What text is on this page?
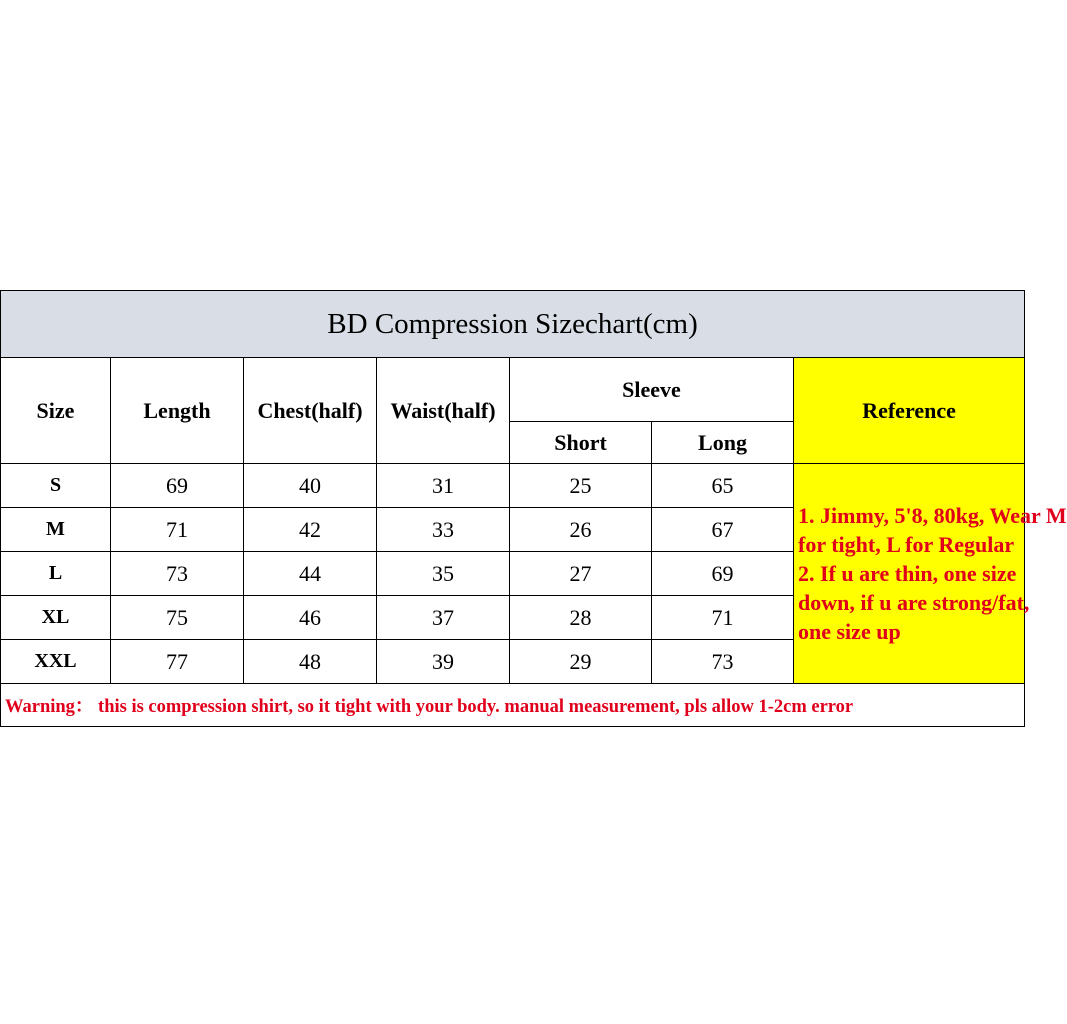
BD Compression Sizechart(cm)						
Size	Length	Chest(half)	Waist(half)	Sleeve		Reference
				Short	Long	
S	69	40	31	25	65	1. Jimmy, 5'8, 80kg, Wear M
for tight, L for Regular
2. If u are thin, one size
down, if u are strong/fat,
one size up

M	71	42	33	26	67	
L	73	44	35	27	69	
XL	75	46	37	28	71	
XXL	77	48	39	29	73	
Warning： this is compression shirt, so it tight with your body. manual measurement, pls allow 1-2cm error						
